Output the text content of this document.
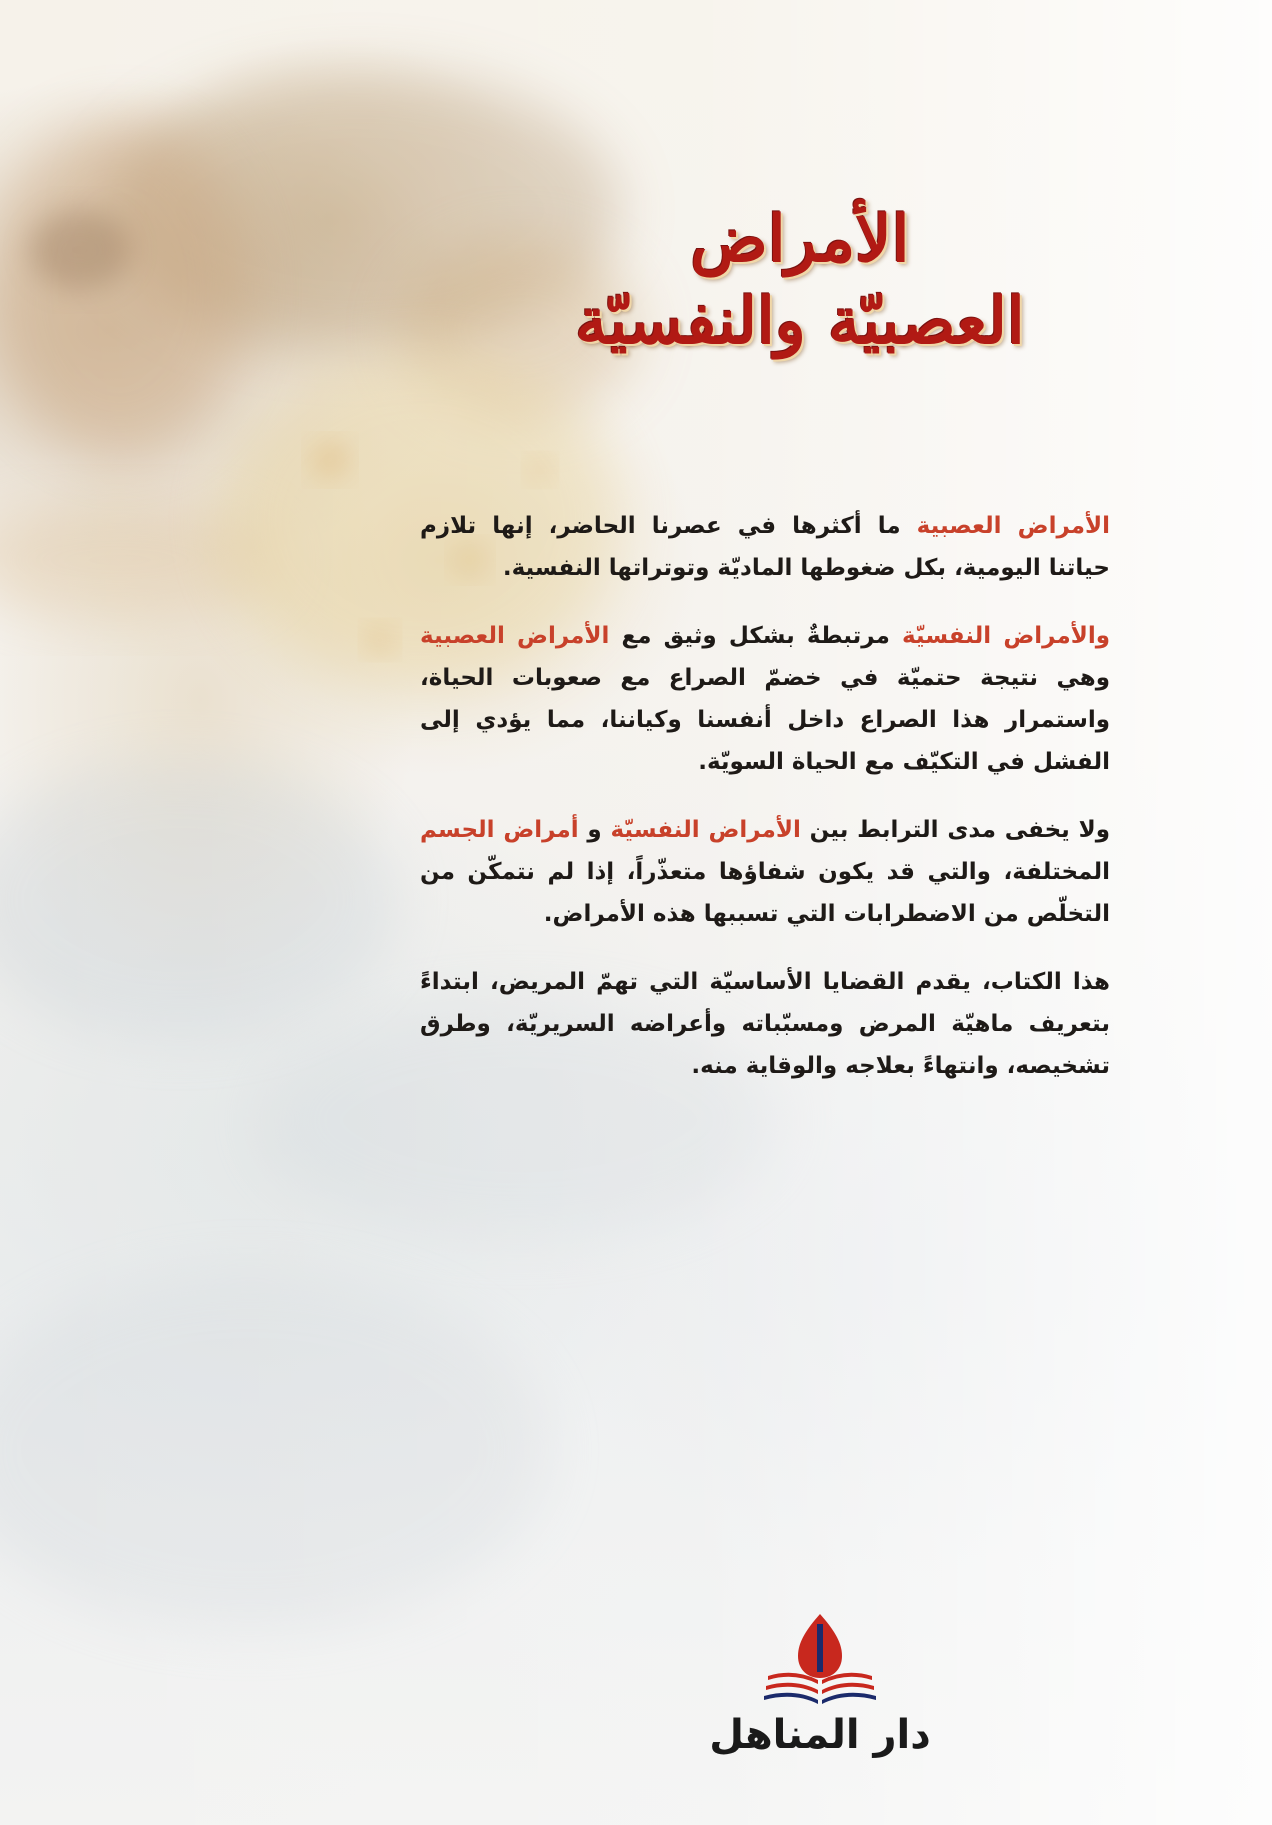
الأمراض
العصبيّة والنفسيّة

الأمراض العصبية ما أكثرها في عصرنا الحاضر، إنها تلازم حياتنا اليومية، بكل ضغوطها الماديّة وتوتراتها النفسية.

والأمراض النفسيّة مرتبطةٌ بشكل وثيق مع الأمراض العصبية وهي نتيجة حتميّة في خضمّ الصراع مع صعوبات الحياة، واستمرار هذا الصراع داخل أنفسنا وكياننا، مما يؤدي إلى الفشل في التكيّف مع الحياة السويّة.

ولا يخفى مدى الترابط بين الأمراض النفسيّة و أمراض الجسم المختلفة، والتي قد يكون شفاؤها متعذّراً، إذا لم نتمكّن من التخلّص من الاضطرابات التي تسببها هذه الأمراض.

هذا الكتاب، يقدم القضايا الأساسيّة التي تهمّ المريض، ابتداءً بتعريف ماهيّة المرض ومسبّباته وأعراضه السريريّة، وطرق تشخيصه، وانتهاءً بعلاجه والوقاية منه.

دار المناهل
